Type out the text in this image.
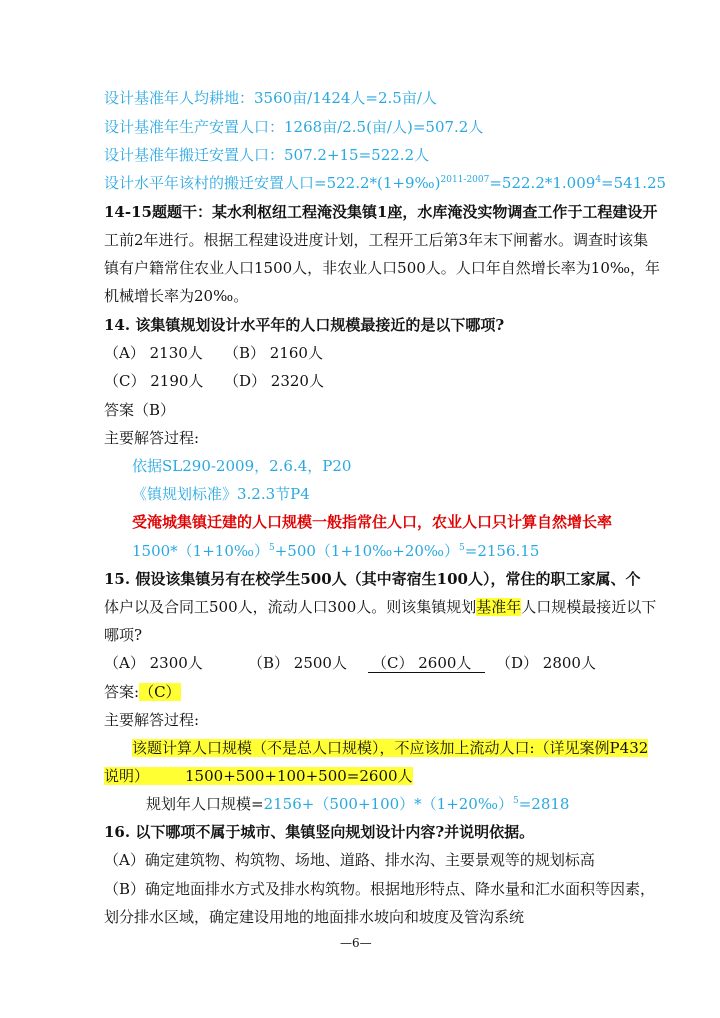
设计基准年人均耕地：3560亩/1424人=2.5亩/人
设计基准年生产安置人口：1268亩/2.5(亩/人)=507.2人
设计基准年搬迁安置人口：507.2+15=522.2人
设计水平年该村的搬迁安置人口$=522.2*(1+9‰)^{2011-2007}=522.2*1.009^4=541.25$
14-15题题干：某水利枢纽工程淹没集镇1座，水库淹没实物调查工作于工程建设开
工前2年进行。根据工程建设进度计划，工程开工后第3年末下闸蓄水。调查时该集
镇有户籍常住农业人口1500人，非农业人口500人。人口年自然增长率为10‰，年
机械增长率为20‰。
14. 该集镇规划设计水平年的人口规模最接近的是以下哪项?
（A） 2130人 （B） 2160人
（C） 2190人 （D） 2320人
答案（B）
主要解答过程:
依据SL290-2009，2.6.4，P20
《镇规划标准》3.2.3节P4
受淹城集镇迁建的人口规模一般指常住人口，农业人口只计算自然增长率
1500*（1+10‰）$^5$+500（1+10‰+20‰）$^5$=2156.15
15. 假设该集镇另有在校学生500人（其中寄宿生100人），常住的职工家属、个
体户以及合同工500人，流动人口300人。则该集镇规划基准年人口规模最接近以下
哪项?
（A） 2300人	（B） 2500人 （C） 2600人	（D） 2800人
答案:（C）
主要解答过程:
该题计算人口规模（不是总人口规模），不应该加上流动人口:（详见案例P432
说明） 1500+500+100+500=2600人
规划年人口规模=2156+（500+100）*（1+20‰）$^5$=2818
16. 以下哪项不属于城市、集镇竖向规划设计内容?并说明依据。
（A）确定建筑物、构筑物、场地、道路、排水沟、主要景观等的规划标高
（B）确定地面排水方式及排水构筑物。根据地形特点、降水量和汇水面积等因素，
划分排水区域，确定建设用地的地面排水坡向和坡度及管沟系统
—6—
